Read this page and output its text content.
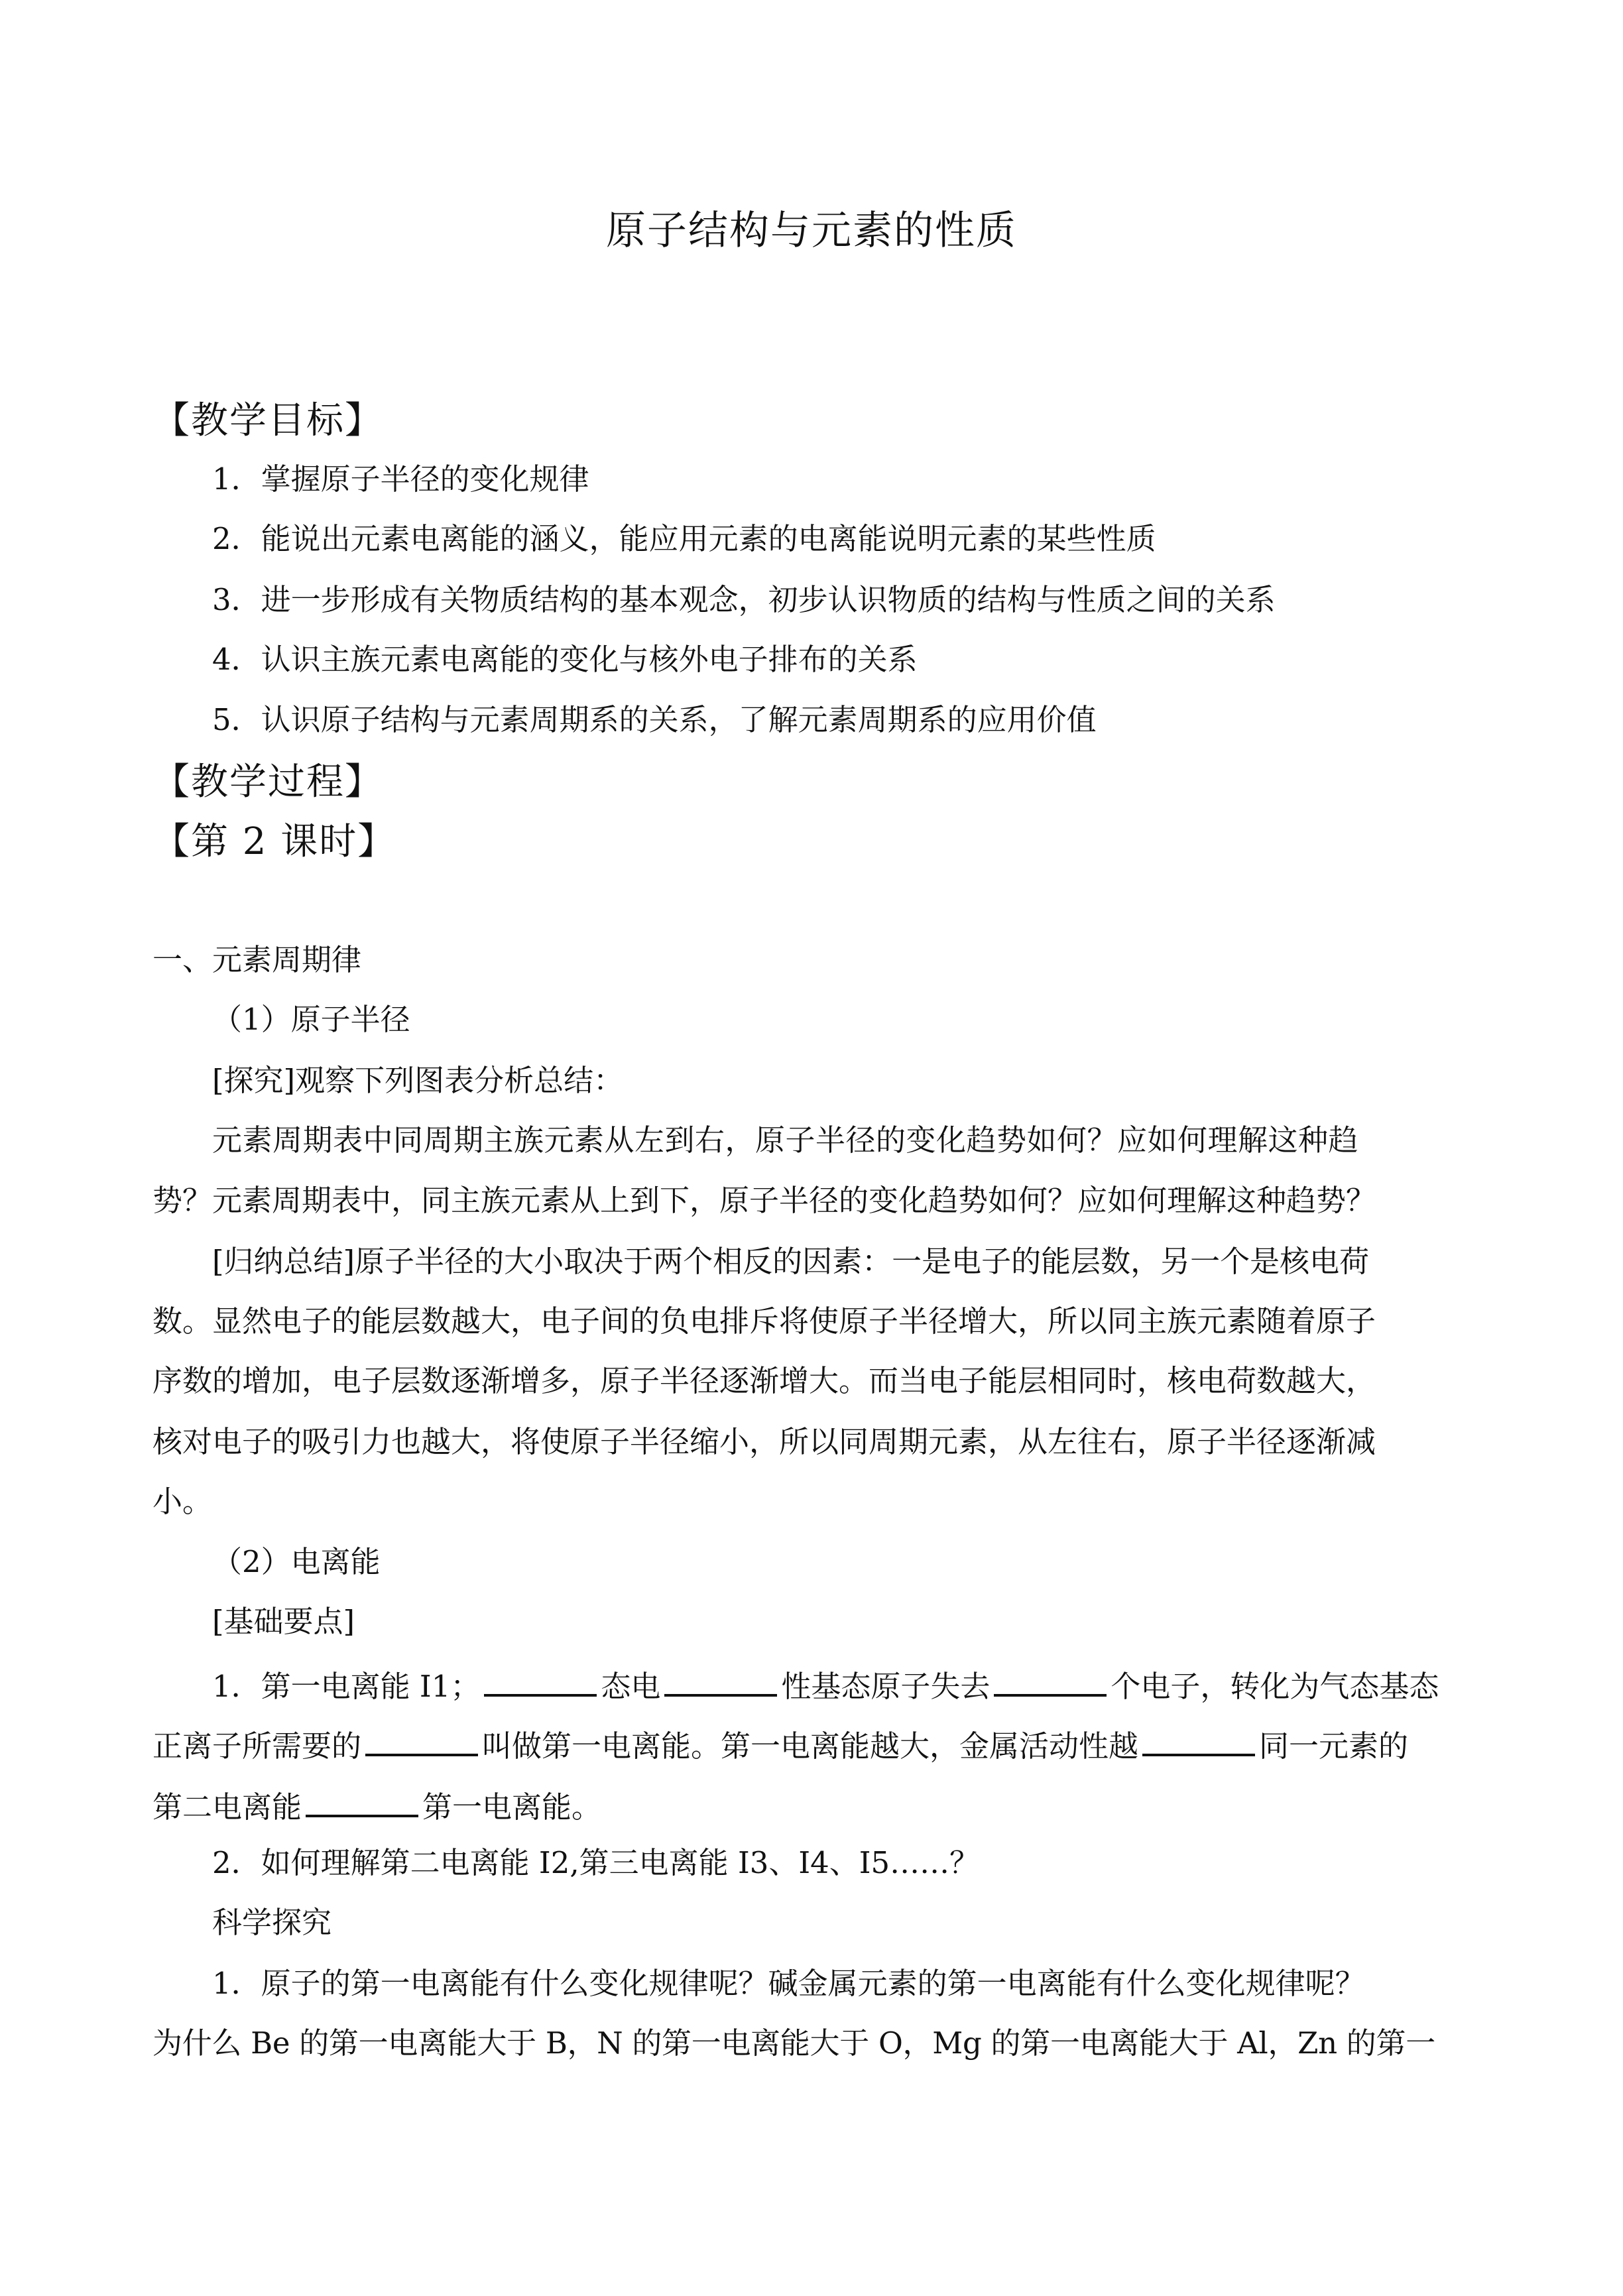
原子结构与元素的性质
【教学目标】
1．掌握原子半径的变化规律
2．能说出元素电离能的涵义，能应用元素的电离能说明元素的某些性质
3．进一步形成有关物质结构的基本观念，初步认识物质的结构与性质之间的关系
4．认识主族元素电离能的变化与核外电子排布的关系
5．认识原子结构与元素周期系的关系，了解元素周期系的应用价值
【教学过程】
【第 2 课时】
一、元素周期律
（1）原子半径
[探究]观察下列图表分析总结：
元素周期表中同周期主族元素从左到右，原子半径的变化趋势如何？应如何理解这种趋
势？元素周期表中，同主族元素从上到下，原子半径的变化趋势如何？应如何理解这种趋势？
[归纳总结]原子半径的大小取决于两个相反的因素：一是电子的能层数，另一个是核电荷
数。显然电子的能层数越大，电子间的负电排斥将使原子半径增大，所以同主族元素随着原子
序数的增加，电子层数逐渐增多，原子半径逐渐增大。而当电子能层相同时，核电荷数越大，
核对电子的吸引力也越大，将使原子半径缩小，所以同周期元素，从左往右，原子半径逐渐减
小。
（2）电离能
[基础要点]
1．第一电离能 I1；	态电	性基态原子失去	个电子，转化为气态基态
正离子所需要的	叫做第一电离能。第一电离能越大，金属活动性越	同一元素的
第二电离能	第一电离能。
2．如何理解第二电离能 I2,第三电离能 I3、I4、I5……？
科学探究
1．原子的第一电离能有什么变化规律呢？碱金属元素的第一电离能有什么变化规律呢？
为什么 Be 的第一电离能大于 B，N 的第一电离能大于 O，Mg 的第一电离能大于 Al，Zn 的第一
